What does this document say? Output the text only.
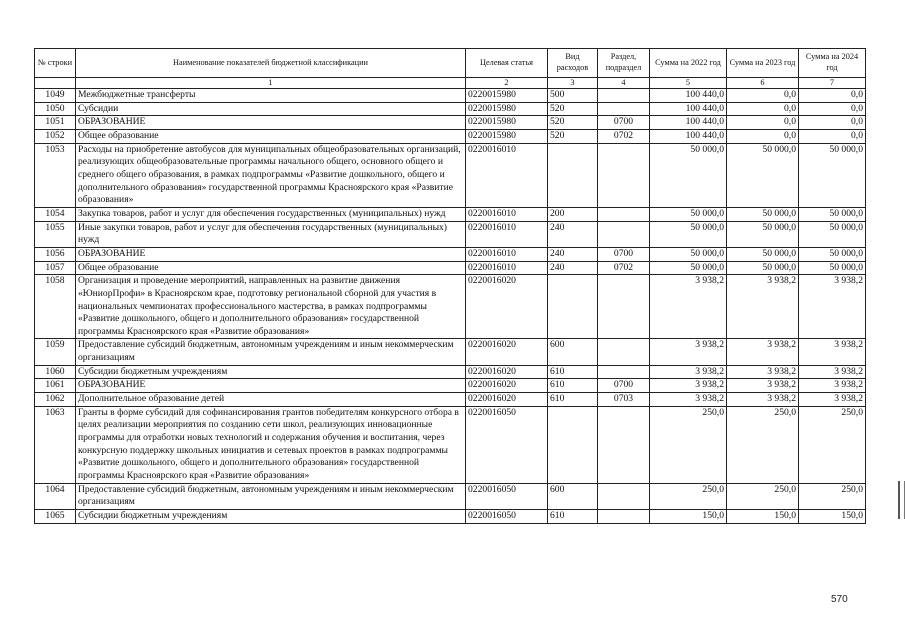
№ строки	Наименование показателей бюджетной классификации	Целевая статья	Вид расходов	Раздел, подраздел	Сумма на 2022 год	Сумма на 2023 год	Сумма на 2024 год
	1	2	3	4	5	6	7
1049	Межбюджетные трансферты	0220015980	500		100 440,0	0,0	0,0
1050	Субсидии	0220015980	520		100 440,0	0,0	0,0
1051	ОБРАЗОВАНИЕ	0220015980	520	0700	100 440,0	0,0	0,0
1052	Общее образование	0220015980	520	0702	100 440,0	0,0	0,0
1053	Расходы на приобретение автобусов для муниципальных общеобразовательных организаций, реализующих общеобразовательные программы начального общего, основного общего и среднего общего образования, в рамках подпрограммы «Развитие дошкольного, общего и дополнительного образования» государственной программы Красноярского края «Развитие образования»	0220016010			50 000,0	50 000,0	50 000,0
1054	Закупка товаров, работ и услуг для обеспечения государственных (муниципальных) нужд	0220016010	200		50 000,0	50 000,0	50 000,0
1055	Иные закупки товаров, работ и услуг для обеспечения государственных (муниципальных) нужд	0220016010	240		50 000,0	50 000,0	50 000,0
1056	ОБРАЗОВАНИЕ	0220016010	240	0700	50 000,0	50 000,0	50 000,0
1057	Общее образование	0220016010	240	0702	50 000,0	50 000,0	50 000,0
1058	Организация и проведение мероприятий, направленных на развитие движения «ЮниорПрофи» в Красноярском крае, подготовку региональной сборной для участия в национальных чемпионатах профессионального мастерства, в рамках подпрограммы «Развитие дошкольного, общего и дополнительного образования» государственной программы Красноярского края «Развитие образования»	0220016020			3 938,2	3 938,2	3 938,2
1059	Предоставление субсидий бюджетным, автономным учреждениям и иным некоммерческим организациям	0220016020	600		3 938,2	3 938,2	3 938,2
1060	Субсидии бюджетным учреждениям	0220016020	610		3 938,2	3 938,2	3 938,2
1061	ОБРАЗОВАНИЕ	0220016020	610	0700	3 938,2	3 938,2	3 938,2
1062	Дополнительное образование детей	0220016020	610	0703	3 938,2	3 938,2	3 938,2
1063	Гранты в форме субсидий для софинансирования грантов победителям конкурсного отбора в целях реализации мероприятия по созданию сети школ, реализующих инновационные программы для отработки новых технологий и содержания обучения и воспитания, через конкурсную поддержку школьных инициатив и сетевых проектов в рамках подпрограммы «Развитие дошкольного, общего и дополнительного образования» государственной программы Красноярского края «Развитие образования»	0220016050			250,0	250,0	250,0
1064	Предоставление субсидий бюджетным, автономным учреждениям и иным некоммерческим организациям	0220016050	600		250,0	250,0	250,0
1065	Субсидии бюджетным учреждениям	0220016050	610		150,0	150,0	150,0
570
